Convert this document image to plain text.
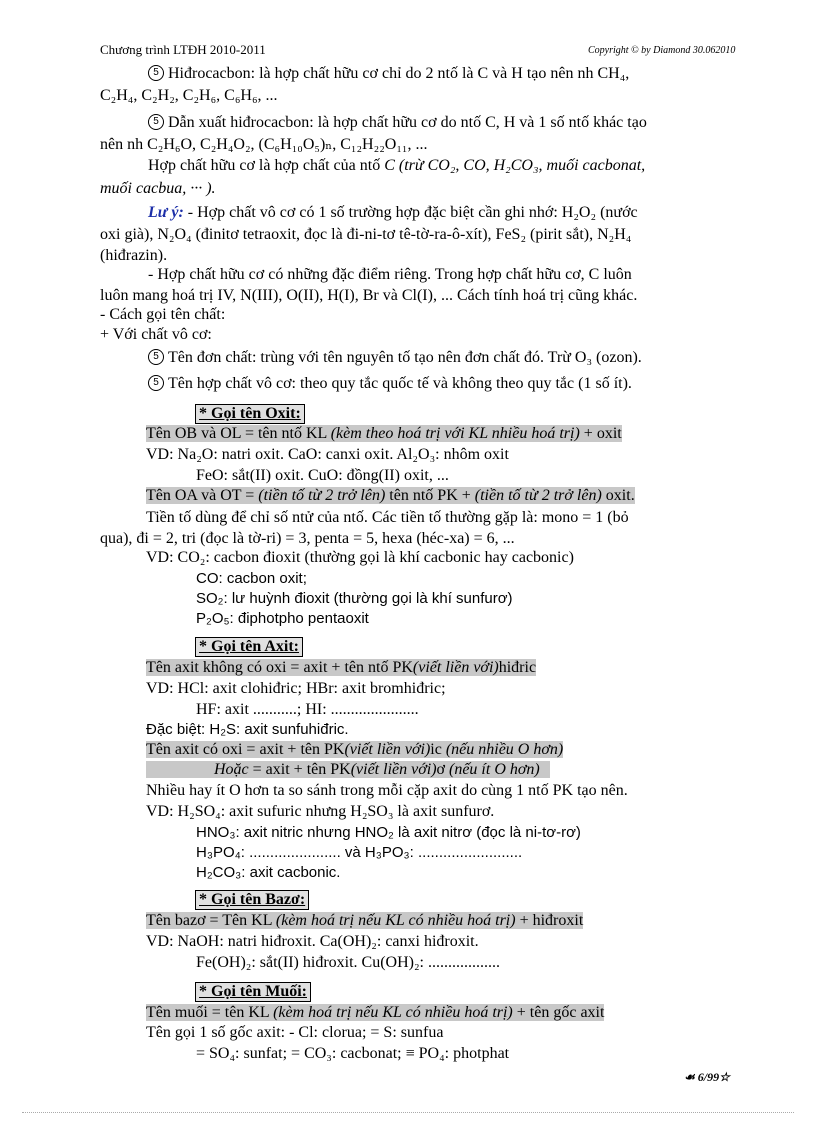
Chương trình LTĐH 2010-2011	Copyright © by Diamond 30.062010
5 Hiđrocacbon: là hợp chất hữu cơ chỉ do 2 ntố là C và H tạo nên nh CH₄,
C₂H₄, C₂H₂, C₂H₆, C₆H₆, ...
5 Dẫn xuất hiđrocacbon: là hợp chất hữu cơ do ntố C, H và 1 số ntố khác tạo
nên nh C₂H₆O, C₂H₄O₂, (C₆H₁₀O₅)ₙ, C₁₂H₂₂O₁₁, ...
Hợp chất hữu cơ là hợp chất của ntố C (trừ CO₂, CO, H₂CO₃, muối cacbonat,
muối cacbua, ··· ).
Lư ý: - Hợp chất vô cơ có 1 số trường hợp đặc biệt cần ghi nhớ: H₂O₂ (nước
oxi già), N₂O₄ (đinitơ tetraoxit, đọc là đi-ni-tơ tê-tờ-ra-ô-xít), FeS₂ (pirit sắt), N₂H₄
(hiđrazin).
- Hợp chất hữu cơ có những đặc điểm riêng. Trong hợp chất hữu cơ, C luôn
luôn mang hoá trị IV, N(III), O(II), H(I), Br và Cl(I), ... Cách tính hoá trị cũng khác.
- Cách gọi tên chất:
+ Với chất vô cơ:
5 Tên đơn chất: trùng với tên nguyên tố tạo nên đơn chất đó. Trừ O₃ (ozon).
5 Tên hợp chất vô cơ: theo quy tắc quốc tế và không theo quy tắc (1 số ít).
* Gọi tên Oxit:
Tên OB và OL = tên ntố KL (kèm theo hoá trị với KL nhiều hoá trị) + oxit
VD: Na₂O: natri oxit. CaO: canxi oxit. Al₂O₃: nhôm oxit
FeO: sắt(II) oxit. CuO: đồng(II) oxit, ...
Tên OA và OT = (tiền tố từ 2 trở lên) tên ntố PK + (tiền tố từ 2 trở lên) oxit.
Tiền tố dùng để chỉ số ntử của ntố. Các tiền tố thường gặp là: mono = 1 (bỏ
qua), đi = 2, tri (đọc là tờ-ri) = 3, penta = 5, hexa (héc-xa) = 6, ...
VD: CO₂: cacbon đioxit (thường gọi là khí cacbonic hay cacbonic)
CO: cacbon oxit;
SO₂: lư huỳnh đioxit (thường gọi là khí sunfurơ)
P₂O₅: điphotpho pentaoxit
* Gọi tên Axit:
Tên axit không có oxi = axit + tên ntố PK(viết liền với)hiđric
VD: HCl: axit clohiđric; HBr: axit bromhiđric;
HF: axit ...........; HI: ......................
Đặc biệt: H₂S: axit sunfuhiđric.
Tên axit có oxi = axit + tên PK(viết liền với)ic (nếu nhiều O hơn)
Hoặc = axit + tên PK(viết liền với)ơ (nếu ít O hơn)
Nhiều hay ít O hơn ta so sánh trong mỗi cặp axit do cùng 1 ntố PK tạo nên.
VD: H₂SO₄: axit sufuric nhưng H₂SO₃ là axit sunfurơ.
HNO₃: axit nitric nhưng HNO₂ là axit nitrơ (đọc là ni-tơ-rơ)
H₃PO₄: ...................... và H₃PO₃: .........................
H₂CO₃: axit cacbonic.
* Gọi tên Bazơ:
Tên bazơ = Tên KL (kèm hoá trị nếu KL có nhiều hoá trị) + hiđroxit
VD: NaOH: natri hiđroxit. Ca(OH)₂: canxi hiđroxit.
Fe(OH)₂: sắt(II) hiđroxit. Cu(OH)₂: ..................
* Gọi tên Muối:
Tên muối = tên KL (kèm hoá trị nếu KL có nhiều hoá trị) + tên gốc axit
Tên gọi 1 số gốc axit: - Cl: clorua; = S: sunfua
= SO₄: sunfat; = CO₃: cacbonat; ≡ PO₄: photphat
☙ 6/99☆
